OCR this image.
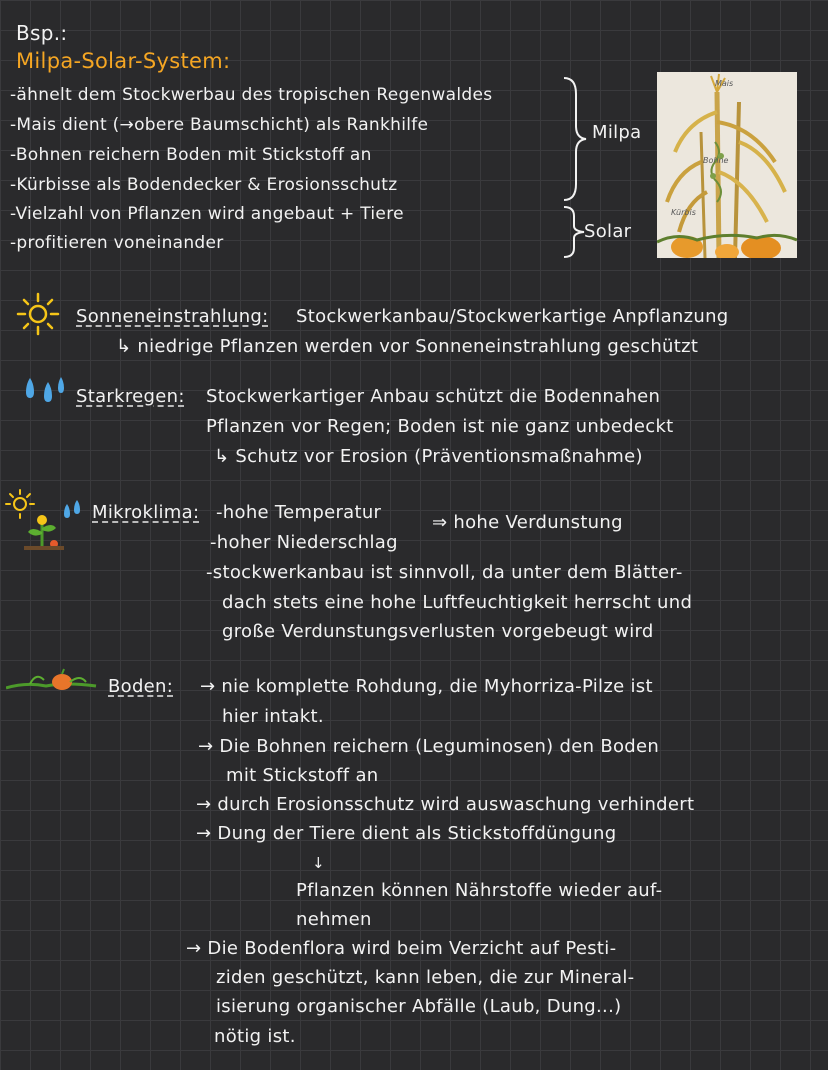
Bsp.:
Milpa-Solar-System:
-ähnelt dem Stockwerbau des tropischen Regenwaldes
-Mais dient (→obere Baumschicht) als Rankhilfe
-Bohnen reichern Boden mit Stickstoff an
-Kürbisse als Bodendecker & Erosionsschutz
-Vielzahl von Pflanzen wird angebaut + Tiere
-profitieren voneinander
Milpa
Solar
Mais
Bohne
Kürbis
Sonneneinstrahlung: Stockwerkanbau/Stockwerkartige Anpflanzung
↳ niedrige Pflanzen werden vor Sonneneinstrahlung geschützt
Starkregen: Stockwerkartiger Anbau schützt die Bodennahen
Pflanzen vor Regen; Boden ist nie ganz unbedeckt
↳ Schutz vor Erosion (Präventionsmaßnahme)
Mikroklima: -hohe Temperatur	⇒ hohe Verdunstung
-hoher Niederschlag
-stockwerkanbau ist sinnvoll, da unter dem Blätter-
dach stets eine hohe Luftfeuchtigkeit herrscht und
große Verdunstungsverlusten vorgebeugt wird
Boden: → nie komplette Rohdung, die Myhorriza-Pilze ist
hier intakt.
→ Die Bohnen reichern (Leguminosen) den Boden
mit Stickstoff an
→ durch Erosionsschutz wird auswaschung verhindert
→ Dung der Tiere dient als Stickstoffdüngung
↓
Pflanzen können Nährstoffe wieder auf-
nehmen
→ Die Bodenflora wird beim Verzicht auf Pesti-
ziden geschützt, kann leben, die zur Mineral-
isierung organischer Abfälle (Laub, Dung...)
nötig ist.
